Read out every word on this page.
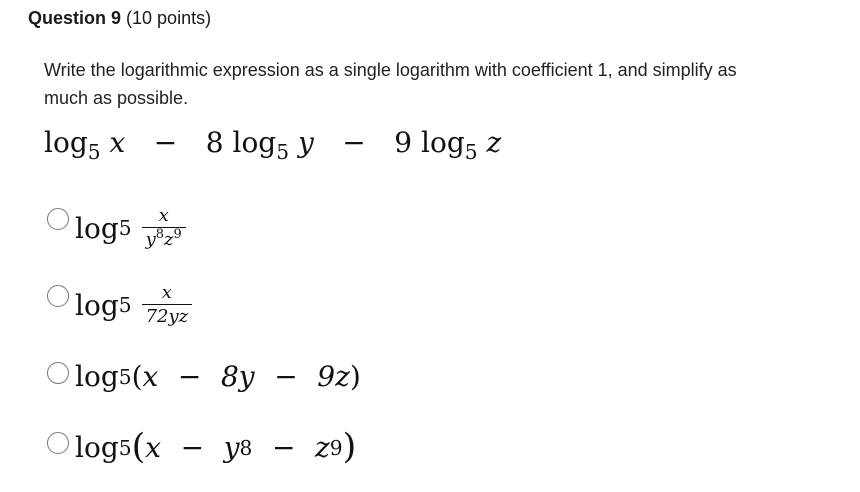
Question 9 (10 points)
Write the logarithmic expression as a single logarithm with coefficient 1, and simplify as much as possible.
$\log_5 x - 8$ $\log_5 y - 9$ $\log_5 z$
$\log 5 \frac{x}{y^8z^9}$
$\log 5 \frac{x}{72yz}$
log 5 ( x − 8y − 9z )
log 5 ( x − y 8 − z 9 )
